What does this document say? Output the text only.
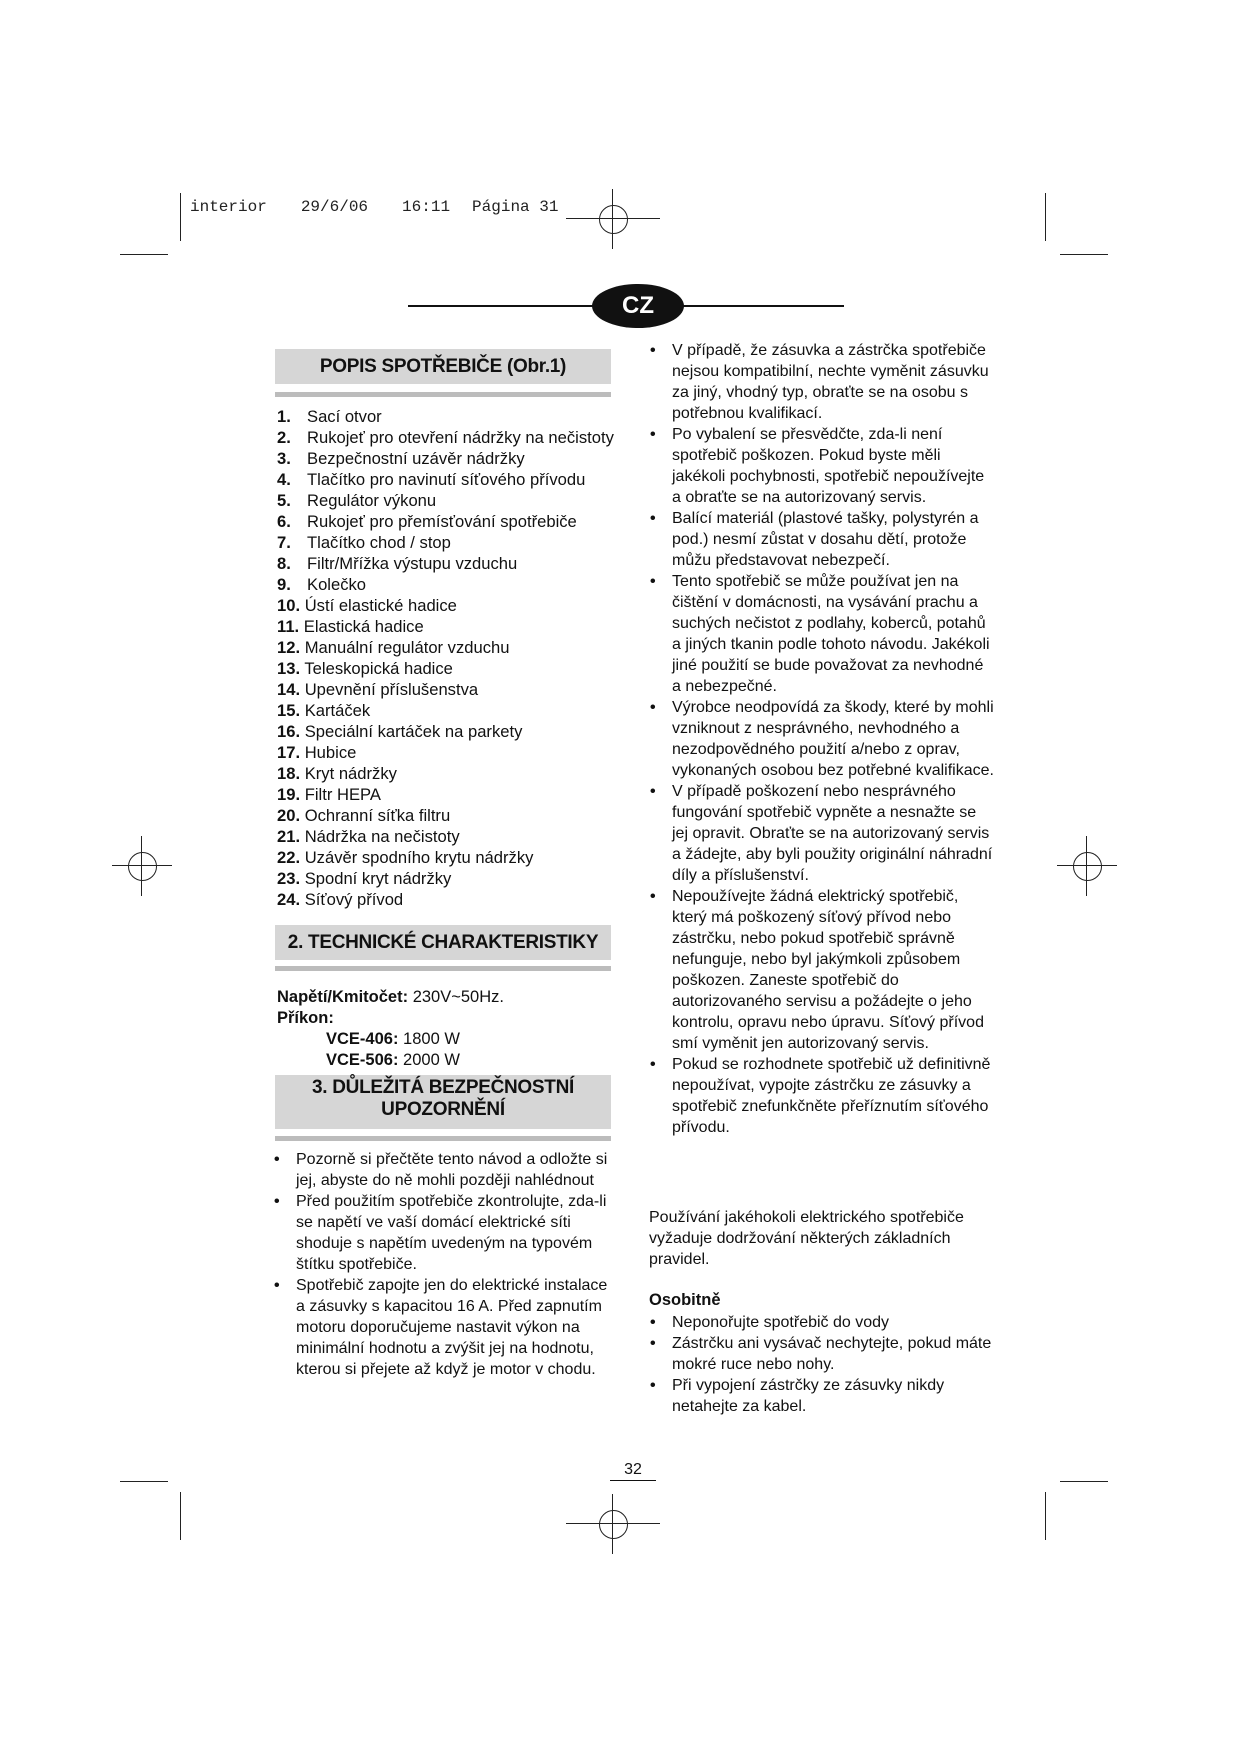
interior 29/6/06 16:11 Página 31
CZ
POPIS SPOTŘEBIČE (Obr.1)
1. Sací otvor
2. Rukojeť pro otevření nádržky na nečistoty
3. Bezpečnostní uzávěr nádržky
4. Tlačítko pro navinutí síťového přívodu
5. Regulátor výkonu
6. Rukojeť pro přemísťování spotřebiče
7. Tlačítko chod / stop
8. Filtr/Mřížka výstupu vzduchu
9. Kolečko
10. Ústí elastické hadice
11. Elastická hadice
12. Manuální regulátor vzduchu
13. Teleskopická hadice
14. Upevnění příslušenstva
15. Kartáček
16. Speciální kartáček na parkety
17. Hubice
18. Kryt nádržky
19. Filtr HEPA
20. Ochranní síťka filtru
21. Nádržka na nečistoty
22. Uzávěr spodního krytu nádržky
23. Spodní kryt nádržky
24. Síťový přívod
2. TECHNICKÉ CHARAKTERISTIKY
Napětí/Kmitočet: 230V~50Hz.
Příkon:
VCE-406: 1800 W
VCE-506: 2000 W
3. DŮLEŽITÁ BEZPEČNOSTNÍ
UPOZORNĚNÍ
• Pozorně si přečtěte tento návod a odložte si jej, abyste do ně mohli později nahlédnout
• Před použitím spotřebiče zkontrolujte, zda-li se napětí ve vaší domácí elektrické síti shoduje s napětím uvedeným na typovém štítku spotřebiče.
• Spotřebič zapojte jen do elektrické instalace a zásuvky s kapacitou 16 A. Před zapnutím motoru doporučujeme nastavit výkon na minimální hodnotu a zvýšit jej na hodnotu, kterou si přejete až když je motor v chodu.
• V případě, že zásuvka a zástrčka spotřebiče nejsou kompatibilní, nechte vyměnit zásuvku za jiný, vhodný typ, obraťte se na osobu s potřebnou kvalifikací.
• Po vybalení se přesvědčte, zda-li není spotřebič poškozen. Pokud byste měli jakékoli pochybnosti, spotřebič nepoužívejte a obraťte se na autorizovaný servis.
• Balící materiál (plastové tašky, polystyrén a pod.) nesmí zůstat v dosahu dětí, protože můžu představovat nebezpečí.
• Tento spotřebič se může používat jen na čištění v domácnosti, na vysávání prachu a suchých nečistot z podlahy, koberců, potahů a jiných tkanin podle tohoto návodu. Jakékoli jiné použití se bude považovat za nevhodné a nebezpečné.
• Výrobce neodpovídá za škody, které by mohli vzniknout z nesprávného, nevhodného a nezodpovědného použití a/nebo z oprav, vykonaných osobou bez potřebné kvalifikace.
• V případě poškození nebo nesprávného fungování spotřebič vypněte a nesnažte se jej opravit. Obraťte se na autorizovaný servis a žádejte, aby byli použity originální náhradní díly a příslušenství.
• Nepoužívejte žádná elektrický spotřebič, který má poškozený síťový přívod nebo zástrčku, nebo pokud spotřebič správně nefunguje, nebo byl jakýmkoli způsobem poškozen. Zaneste spotřebič do autorizovaného servisu a požádejte o jeho kontrolu, opravu nebo úpravu. Síťový přívod smí vyměnit jen autorizovaný servis.
• Pokud se rozhodnete spotřebič už definitivně nepoužívat, vypojte zástrčku ze zásuvky a spotřebič znefunkčněte přeříznutím síťového přívodu.
Používání jakéhokoli elektrického spotřebiče vyžaduje dodržování některých základních pravidel.
Osobitně
• Neponořujte spotřebič do vody
• Zástrčku ani vysávač nechytejte, pokud máte mokré ruce nebo nohy.
• Při vypojení zástrčky ze zásuvky nikdy netahejte za kabel.
32
